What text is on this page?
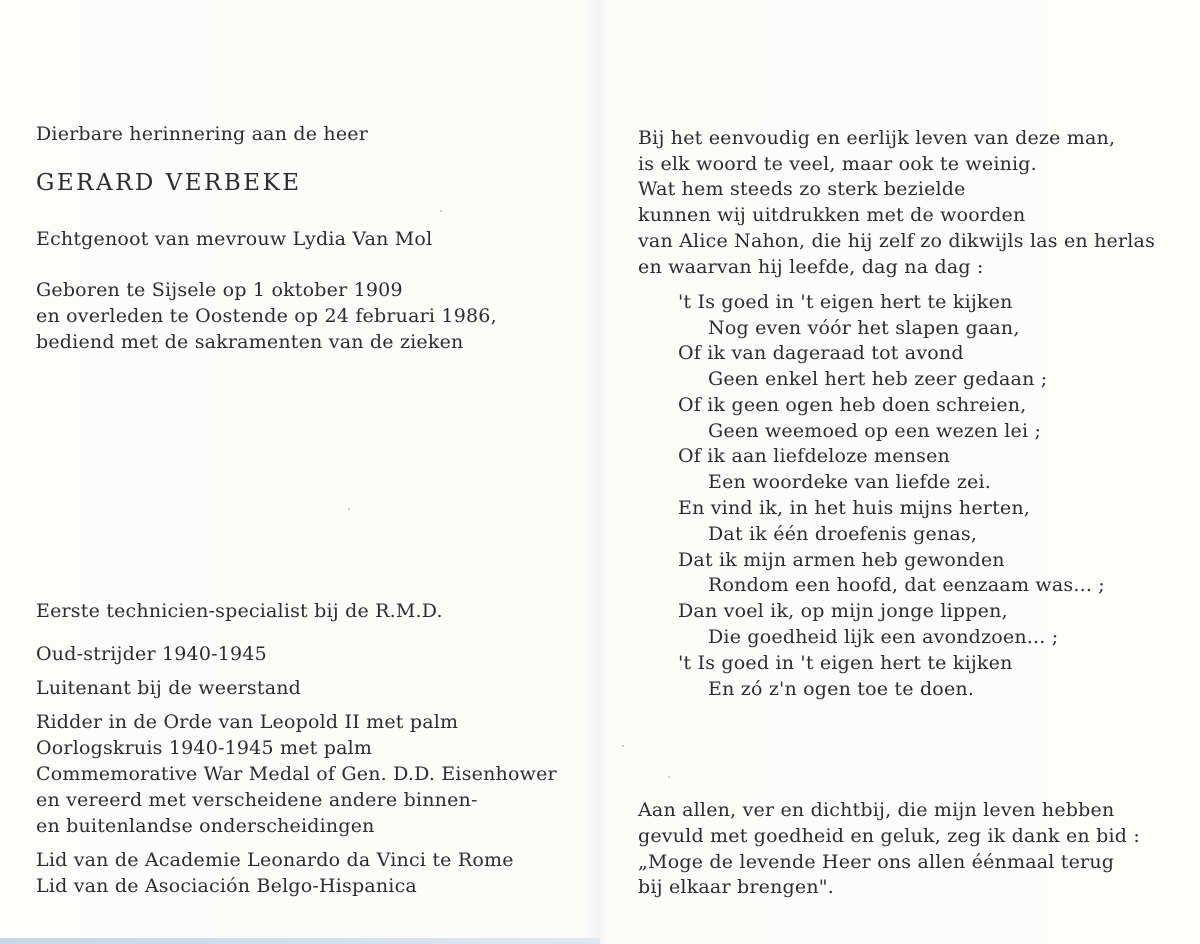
Dierbare herinnering aan de heer
GERARD VERBEKE
Echtgenoot van mevrouw Lydia Van Mol
Geboren te Sijsele op 1 oktober 1909
en overleden te Oostende op 24 februari 1986,
bediend met de sakramenten van de zieken
Eerste technicien-specialist bij de R.M.D.
Oud-strijder 1940-1945
Luitenant bij de weerstand
Ridder in de Orde van Leopold II met palm
Oorlogskruis 1940-1945 met palm
Commemorative War Medal of Gen. D.D. Eisenhower
en vereerd met verscheidene andere binnen-
en buitenlandse onderscheidingen
Lid van de Academie Leonardo da Vinci te Rome
Lid van de Asociación Belgo-Hispanica
Bij het eenvoudig en eerlijk leven van deze man,
is elk woord te veel, maar ook te weinig.
Wat hem steeds zo sterk bezielde
kunnen wij uitdrukken met de woorden
van Alice Nahon, die hij zelf zo dikwijls las en herlas
en waarvan hij leefde, dag na dag :
't Is goed in 't eigen hert te kijken
Nog even vóór het slapen gaan,
Of ik van dageraad tot avond
Geen enkel hert heb zeer gedaan ;
Of ik geen ogen heb doen schreien,
Geen weemoed op een wezen lei ;
Of ik aan liefdeloze mensen
Een woordeke van liefde zei.
En vind ik, in het huis mijns herten,
Dat ik één droefenis genas,
Dat ik mijn armen heb gewonden
Rondom een hoofd, dat eenzaam was... ;
Dan voel ik, op mijn jonge lippen,
Die goedheid lijk een avondzoen... ;
't Is goed in 't eigen hert te kijken
En zó z'n ogen toe te doen.
Aan allen, ver en dichtbij, die mijn leven hebben
gevuld met goedheid en geluk, zeg ik dank en bid :
„Moge de levende Heer ons allen éénmaal terug
bij elkaar brengen".
